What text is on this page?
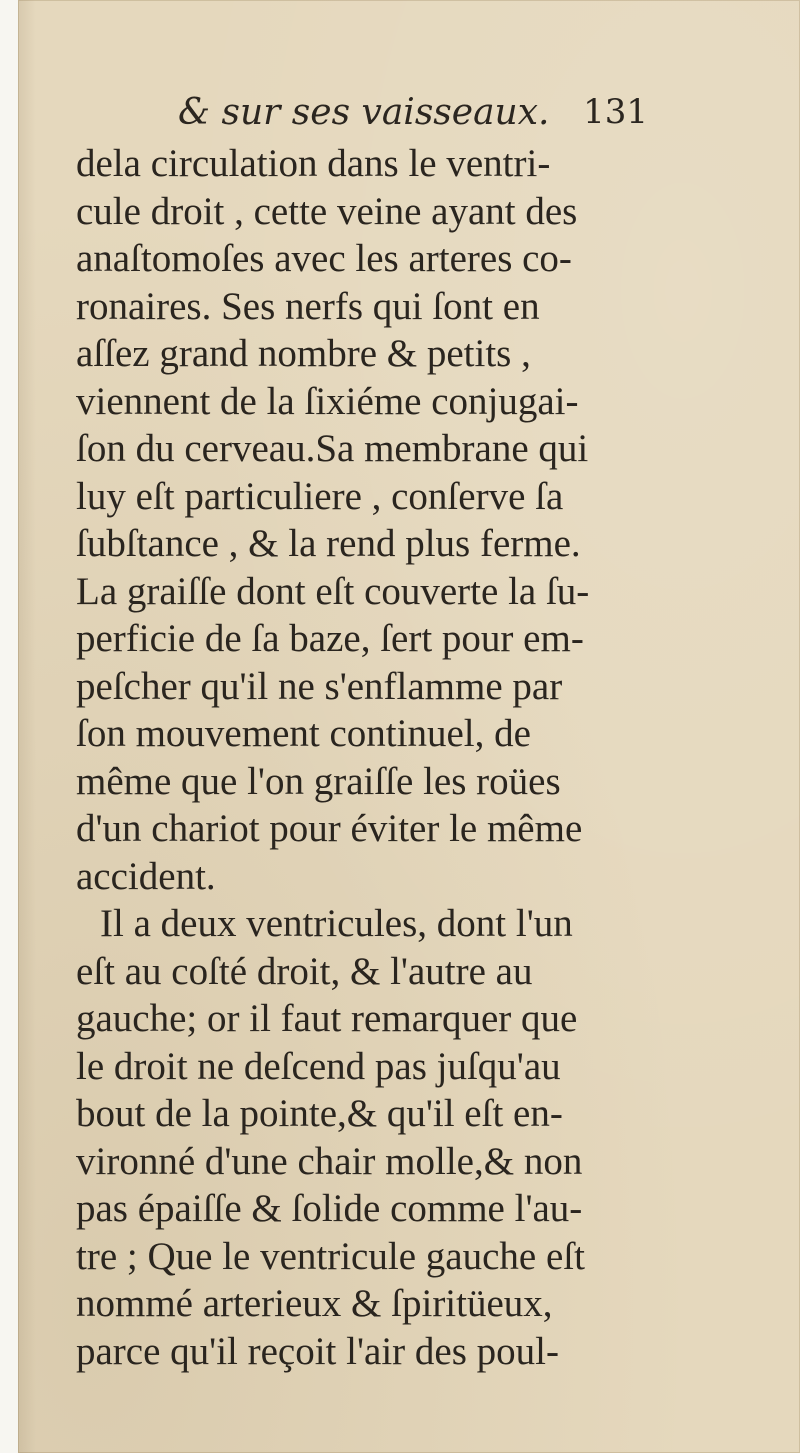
& sur ses vaisseaux. 131
dela circulation dans le ventri-
cule droit , cette veine ayant des
anaſtomoſes avec les arteres co-
ronaires. Ses nerfs qui ſont en
aſſez grand nombre & petits ,
viennent de la ſixiéme conjugai-
ſon du cerveau.Sa membrane qui
luy eſt particuliere , conſerve ſa
ſubſtance , & la rend plus ferme.
La graiſſe dont eſt couverte la ſu-
perficie de ſa baze, ſert pour em-
peſcher qu'il ne s'enflamme par
ſon mouvement continuel, de
même que l'on graiſſe les roües
d'un chariot pour éviter le même
accident.
Il a deux ventricules, dont l'un
eſt au coſté droit, & l'autre au
gauche; or il faut remarquer que
le droit ne deſcend pas juſqu'au
bout de la pointe,& qu'il eſt en-
vironné d'une chair molle,& non
pas épaiſſe & ſolide comme l'au-
tre ; Que le ventricule gauche eſt
nommé arterieux & ſpiritüeux,
parce qu'il reçoit l'air des poul-
